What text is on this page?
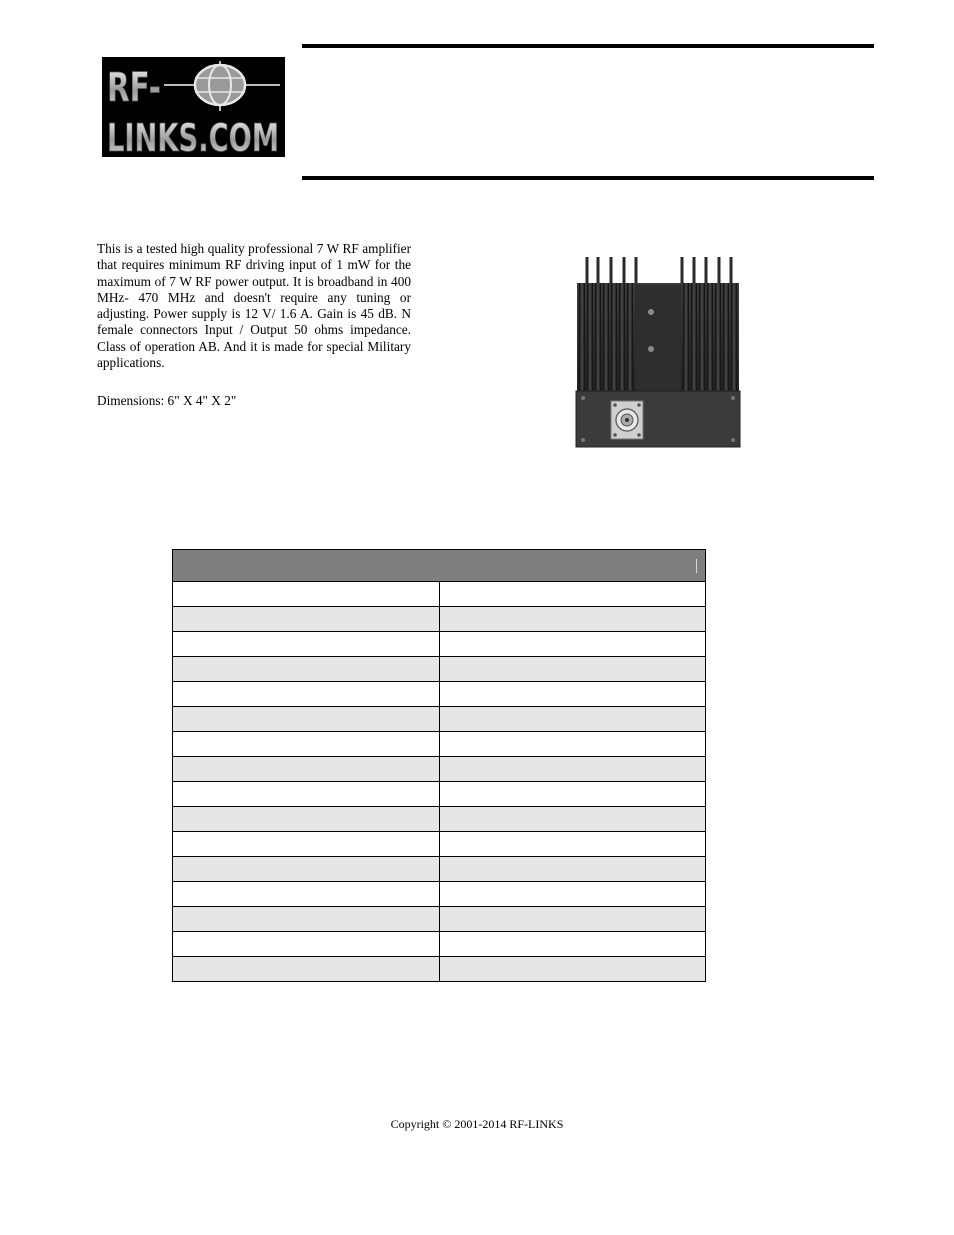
RF-
LINKS.COM

This is a tested high quality professional 7 W RF amplifier that requires minimum RF driving input of 1 mW for the maximum of 7 W RF power output. It is broadband in 400 MHz- 470 MHz and doesn't require any tuning or adjusting. Power supply is 12 V/ 1.6 A. Gain is 45 dB. N female connectors Input / Output 50 ohms impedance. Class of operation AB. And it is made for special Military applications.

Dimensions: 6" X 4" X 2"

Copyright © 2001-2014 RF-LINKS
